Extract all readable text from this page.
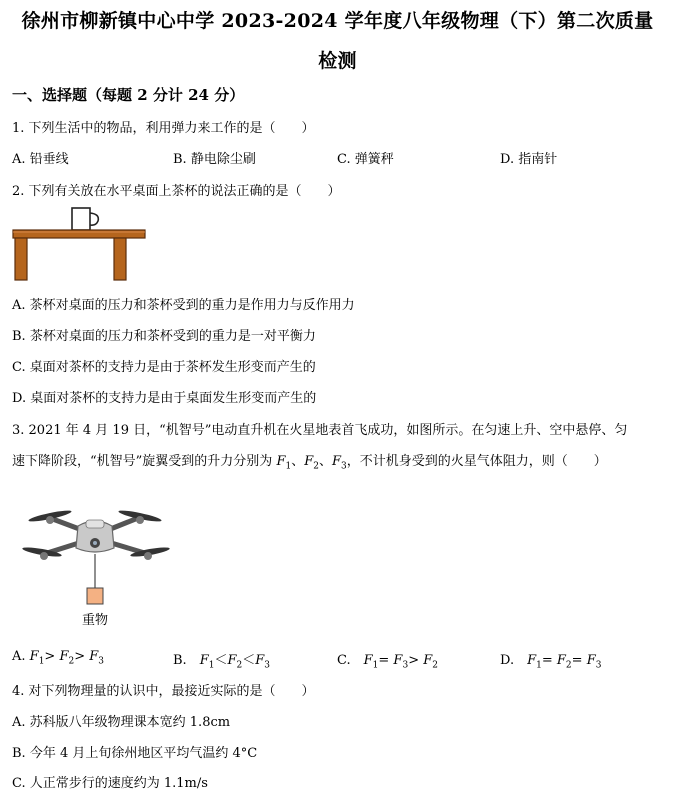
徐州市柳新镇中心中学 2023-2024 学年度八年级物理（下）第二次质量
检测
一、选择题（每题 2 分计 24 分）
1. 下列生活中的物品，利用弹力来工作的是（　　）
A. 铅垂线	B. 静电除尘刷	C. 弹簧秤	D. 指南针
2. 下列有关放在水平桌面上茶杯的说法正确的是（　　）
A. 茶杯对桌面的压力和茶杯受到的重力是作用力与反作用力
B. 茶杯对桌面的压力和茶杯受到的重力是一对平衡力
C. 桌面对茶杯的支持力是由于茶杯发生形变而产生的
D. 桌面对茶杯的支持力是由于桌面发生形变而产生的
3. 2021 年 4 月 19 日，“机智号”电动直升机在火星地表首飞成功，如图所示。在匀速上升、空中悬停、匀
速下降阶段，“机智号”旋翼受到的升力分别为 $F_1$、$F_2$、$F_3$，不计机身受到的火星气体阻力，则（　　）
重物
A. $F_1> F_2> F_3$	B.　$F_1<F_2<F_3$	C.　$F_1= F_3> F_2$	D.　$F_1= F_2= F_3$
4. 对下列物理量的认识中，最接近实际的是（　　）
A. 苏科版八年级物理课本宽约 1.8cm
B. 今年 4 月上旬徐州地区平均气温约 4°C
C. 人正常步行的速度约为 1.1m/s
